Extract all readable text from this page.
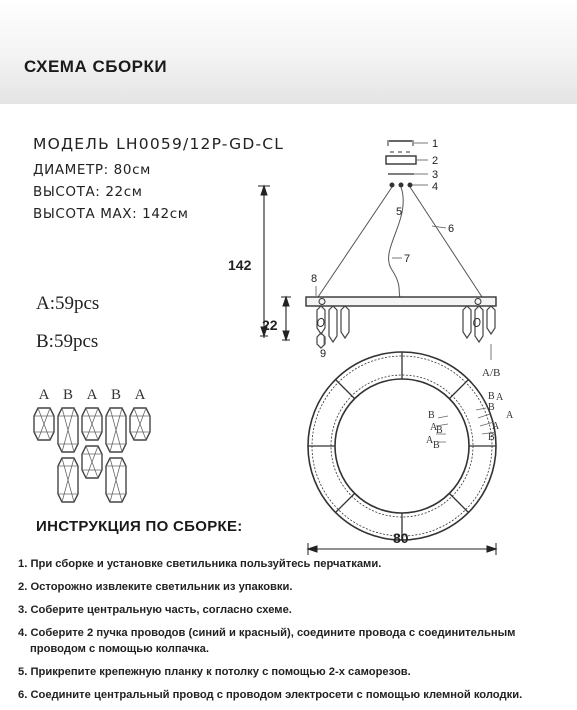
СХЕМА СБОРКИ
МОДЕЛЬ LH0059/12P-GD-CL
ДИАМЕТР: 80см
ВЫСОТА: 22см
ВЫСОТА MAX: 142см
A:59pcs
B:59pcs
A B A B A
1
2
3
4
5
6
7
8
9
A/B
142
22
B A
B
A
A
B
B
A
B
A B
80
ИНСТРУКЦИЯ ПО СБОРКЕ:
1. При сборке и установке светильника пользуйтесь перчатками.
2. Осторожно извлеките светильник из упаковки.
3. Соберите центральную часть, согласно схеме.
4. Соберите 2 пучка проводов (синий и красный), соедините провода с соединительным
проводом с помощью колпачка.
5. Прикрепите крепежную планку к потолку с помощью 2-х саморезов.
6. Соедините центральный провод с проводом электросети с помощью клемной колодки.
